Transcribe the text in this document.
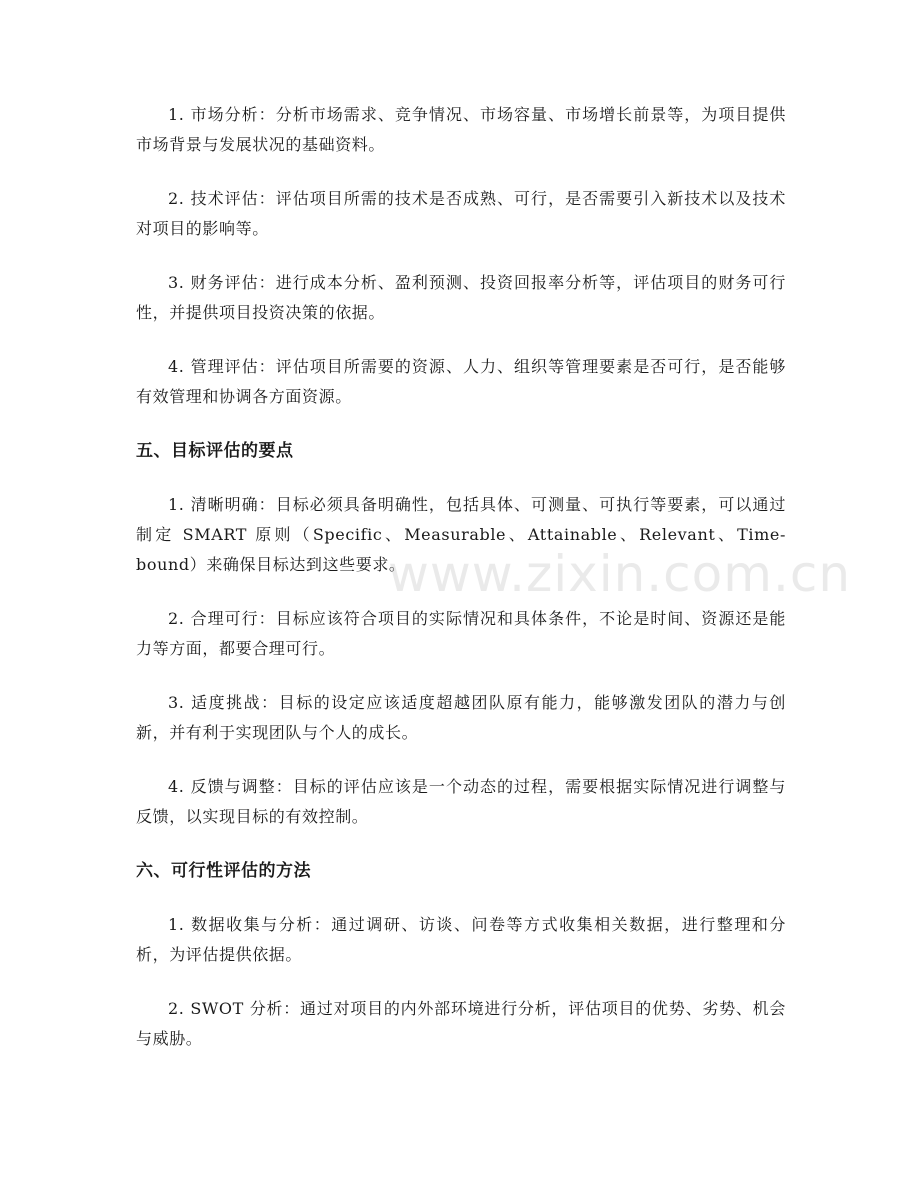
1. 市场分析：分析市场需求、竞争情况、市场容量、市场增长前景等，为项目提供市场背景与发展状况的基础资料。

2. 技术评估：评估项目所需的技术是否成熟、可行，是否需要引入新技术以及技术对项目的影响等。

3. 财务评估：进行成本分析、盈利预测、投资回报率分析等，评估项目的财务可行性，并提供项目投资决策的依据。

4. 管理评估：评估项目所需要的资源、人力、组织等管理要素是否可行，是否能够有效管理和协调各方面资源。

五、目标评估的要点

1. 清晰明确：目标必须具备明确性，包括具体、可测量、可执行等要素，可以通过制定 SMART 原则（Specific、Measurable、Attainable、Relevant、Time-bound）来确保目标达到这些要求。

2. 合理可行：目标应该符合项目的实际情况和具体条件，不论是时间、资源还是能力等方面，都要合理可行。

3. 适度挑战：目标的设定应该适度超越团队原有能力，能够激发团队的潜力与创新，并有利于实现团队与个人的成长。

4. 反馈与调整：目标的评估应该是一个动态的过程，需要根据实际情况进行调整与反馈，以实现目标的有效控制。

六、可行性评估的方法

1. 数据收集与分析：通过调研、访谈、问卷等方式收集相关数据，进行整理和分析，为评估提供依据。

2. SWOT 分析：通过对项目的内外部环境进行分析，评估项目的优势、劣势、机会与威胁。

www.zixin.com.cn
